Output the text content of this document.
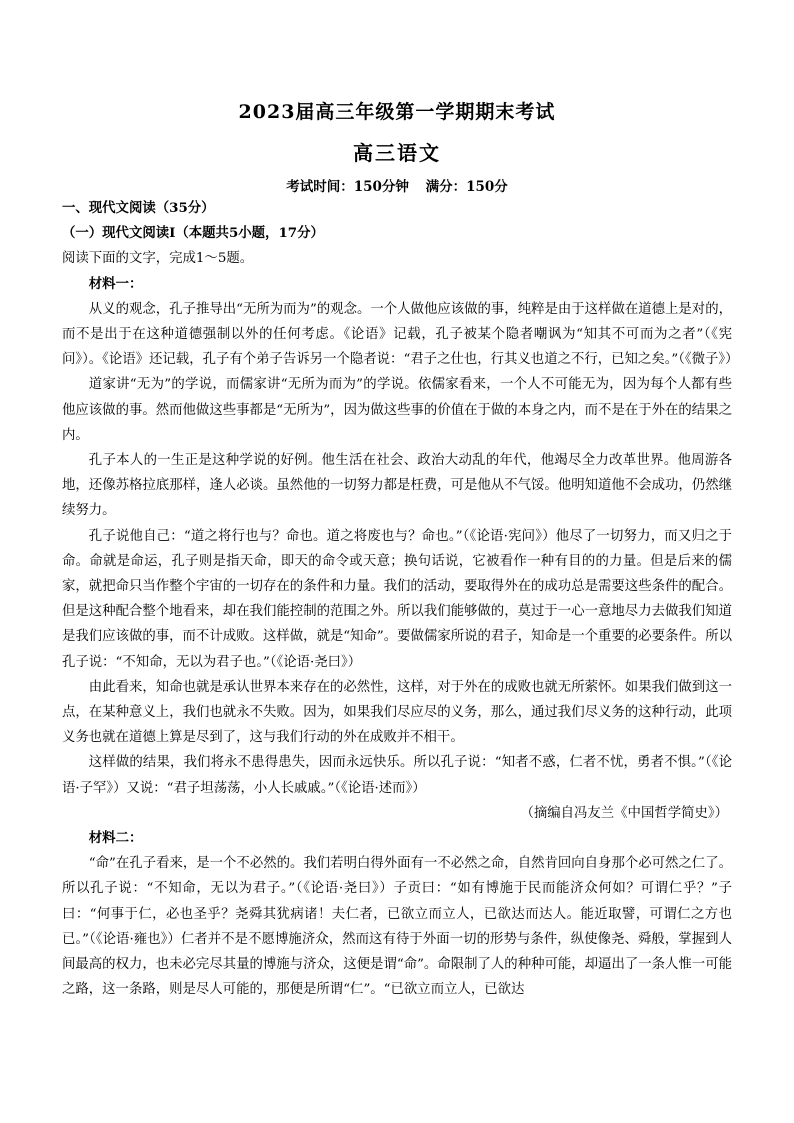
2023届高三年级第一学期期末考试
高三语文
考试时间：150分钟 满分：150分

一、现代文阅读（35分）

（一）现代文阅读I（本题共5小题，17分）

阅读下面的文字，完成1～5题。

材料一：

从义的观念，孔子推导出“无所为而为”的观念。一个人做他应该做的事，纯粹是由于这样做在道德上是对的，而不是出于在这种道德强制以外的任何考虑。《论语》记载，孔子被某个隐者嘲讽为“知其不可而为之者”（《宪问》）。《论语》还记载，孔子有个弟子告诉另一个隐者说：“君子之仕也，行其义也道之不行，已知之矣。”（《微子》）

道家讲“无为”的学说，而儒家讲“无所为而为”的学说。依儒家看来，一个人不可能无为，因为每个人都有些他应该做的事。然而他做这些事都是“无所为”，因为做这些事的价值在于做的本身之内，而不是在于外在的结果之内。

孔子本人的一生正是这种学说的好例。他生活在社会、政治大动乱的年代，他竭尽全力改革世界。他周游各地，还像苏格拉底那样，逢人必谈。虽然他的一切努力都是枉费，可是他从不气馁。他明知道他不会成功，仍然继续努力。

孔子说他自己：“道之将行也与？命也。道之将废也与？命也。”（《论语·宪问》）他尽了一切努力，而又归之于命。命就是命运，孔子则是指天命，即天的命令或天意；换句话说，它被看作一种有目的的力量。但是后来的儒家，就把命只当作整个宇宙的一切存在的条件和力量。我们的活动，要取得外在的成功总是需要这些条件的配合。但是这种配合整个地看来，却在我们能控制的范围之外。所以我们能够做的，莫过于一心一意地尽力去做我们知道是我们应该做的事，而不计成败。这样做，就是“知命”。要做儒家所说的君子，知命是一个重要的必要条件。所以孔子说：“不知命，无以为君子也。”（《论语·尧曰》）

由此看来，知命也就是承认世界本来存在的必然性，这样，对于外在的成败也就无所萦怀。如果我们做到这一点，在某种意义上，我们也就永不失败。因为，如果我们尽应尽的义务，那么，通过我们尽义务的这种行动，此项义务也就在道德上算是尽到了，这与我们行动的外在成败并不相干。

这样做的结果，我们将永不患得患失，因而永远快乐。所以孔子说：“知者不惑，仁者不忧，勇者不惧。”（《论语·子罕》）又说：“君子坦荡荡，小人长戚戚。”（《论语·述而》）

（摘编自冯友兰《中国哲学简史》）

材料二：

“命”在孔子看来，是一个不必然的。我们若明白得外面有一不必然之命，自然肯回向自身那个必可然之仁了。所以孔子说：“不知命，无以为君子。”（《论语·尧曰》）子贡曰：“如有博施于民而能济众何如？可谓仁乎？”子曰：“何事于仁，必也圣乎？尧舜其犹病诸！夫仁者，已欲立而立人，已欲达而达人。能近取譬，可谓仁之方也已。”（《论语·雍也》）仁者并不是不愿博施济众，然而这有待于外面一切的形势与条件，纵使像尧、舜般，掌握到人间最高的权力，也未必完尽其量的博施与济众，这便是谓“命”。命限制了人的种种可能，却逼出了一条人惟一可能之路，这一条路，则是尽人可能的，那便是所谓“仁”。“已欲立而立人，已欲达
